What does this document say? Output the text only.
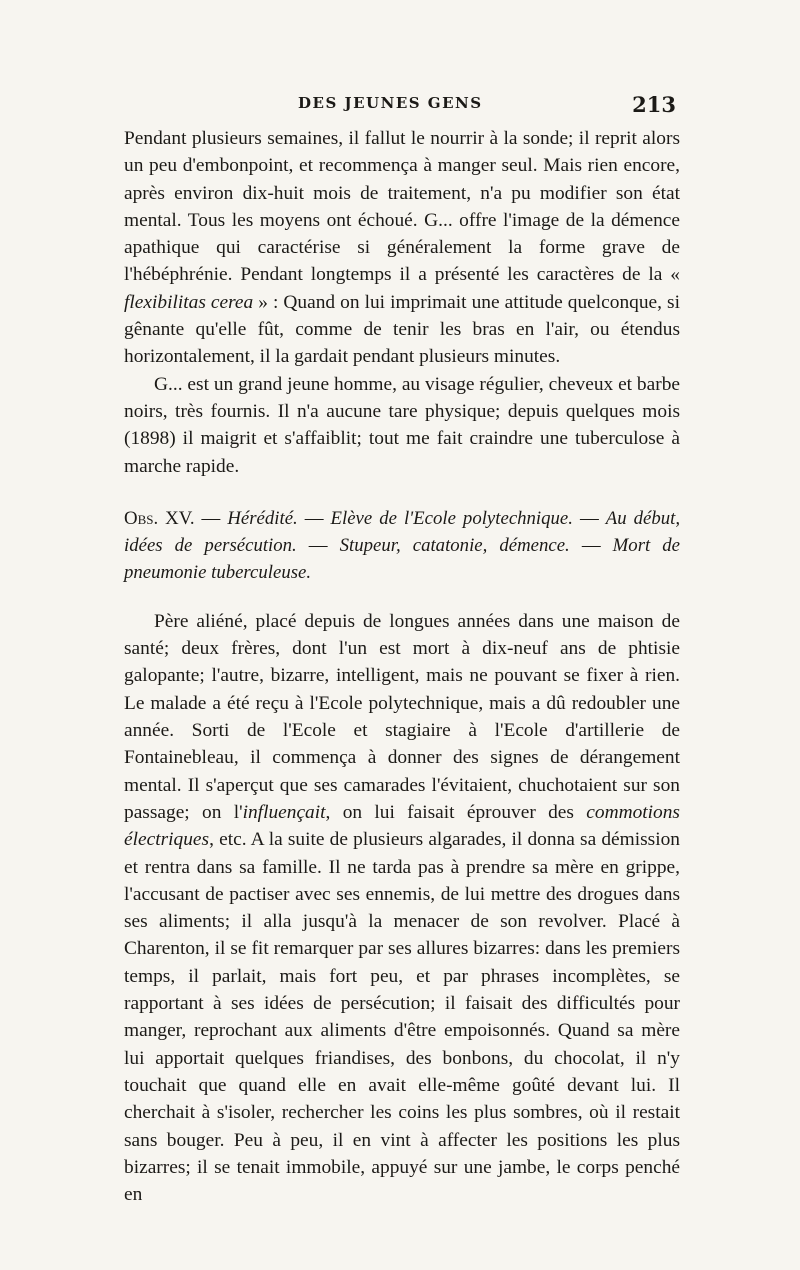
DES JEUNES GENS	213

Pendant plusieurs semaines, il fallut le nourrir à la sonde; il reprit alors un peu d'embonpoint, et recommença à manger seul. Mais rien encore, après environ dix-huit mois de traitement, n'a pu modifier son état mental. Tous les moyens ont échoué. G... offre l'image de la démence apathique qui caractérise si généralement la forme grave de l'hébéphrénie. Pendant longtemps il a présenté les caractères de la « flexibilitas cerea » : Quand on lui imprimait une attitude quelconque, si gênante qu'elle fût, comme de tenir les bras en l'air, ou étendus horizontalement, il la gardait pendant plusieurs minutes.

G... est un grand jeune homme, au visage régulier, cheveux et barbe noirs, très fournis. Il n'a aucune tare physique; depuis quelques mois (1898) il maigrit et s'affaiblit; tout me fait craindre une tuberculose à marche rapide.

Obs. XV. — Hérédité. — Elève de l'Ecole polytechnique. — Au début, idées de persécution. — Stupeur, catatonie, démence. — Mort de pneumonie tuberculeuse.

Père aliéné, placé depuis de longues années dans une maison de santé; deux frères, dont l'un est mort à dix-neuf ans de phtisie galopante; l'autre, bizarre, intelligent, mais ne pouvant se fixer à rien. Le malade a été reçu à l'Ecole polytechnique, mais a dû redoubler une année. Sorti de l'Ecole et stagiaire à l'Ecole d'artillerie de Fontainebleau, il commença à donner des signes de dérangement mental. Il s'aperçut que ses camarades l'évitaient, chuchotaient sur son passage; on l'influençait, on lui faisait éprouver des commotions électriques, etc. A la suite de plusieurs algarades, il donna sa démission et rentra dans sa famille. Il ne tarda pas à prendre sa mère en grippe, l'accusant de pactiser avec ses ennemis, de lui mettre des drogues dans ses aliments; il alla jusqu'à la menacer de son revolver. Placé à Charenton, il se fit remarquer par ses allures bizarres: dans les premiers temps, il parlait, mais fort peu, et par phrases incomplètes, se rapportant à ses idées de persécution; il faisait des difficultés pour manger, reprochant aux aliments d'être empoisonnés. Quand sa mère lui apportait quelques friandises, des bonbons, du chocolat, il n'y touchait que quand elle en avait elle-même goûté devant lui. Il cherchait à s'isoler, rechercher les coins les plus sombres, où il restait sans bouger. Peu à peu, il en vint à affecter les positions les plus bizarres; il se tenait immobile, appuyé sur une jambe, le corps penché en
